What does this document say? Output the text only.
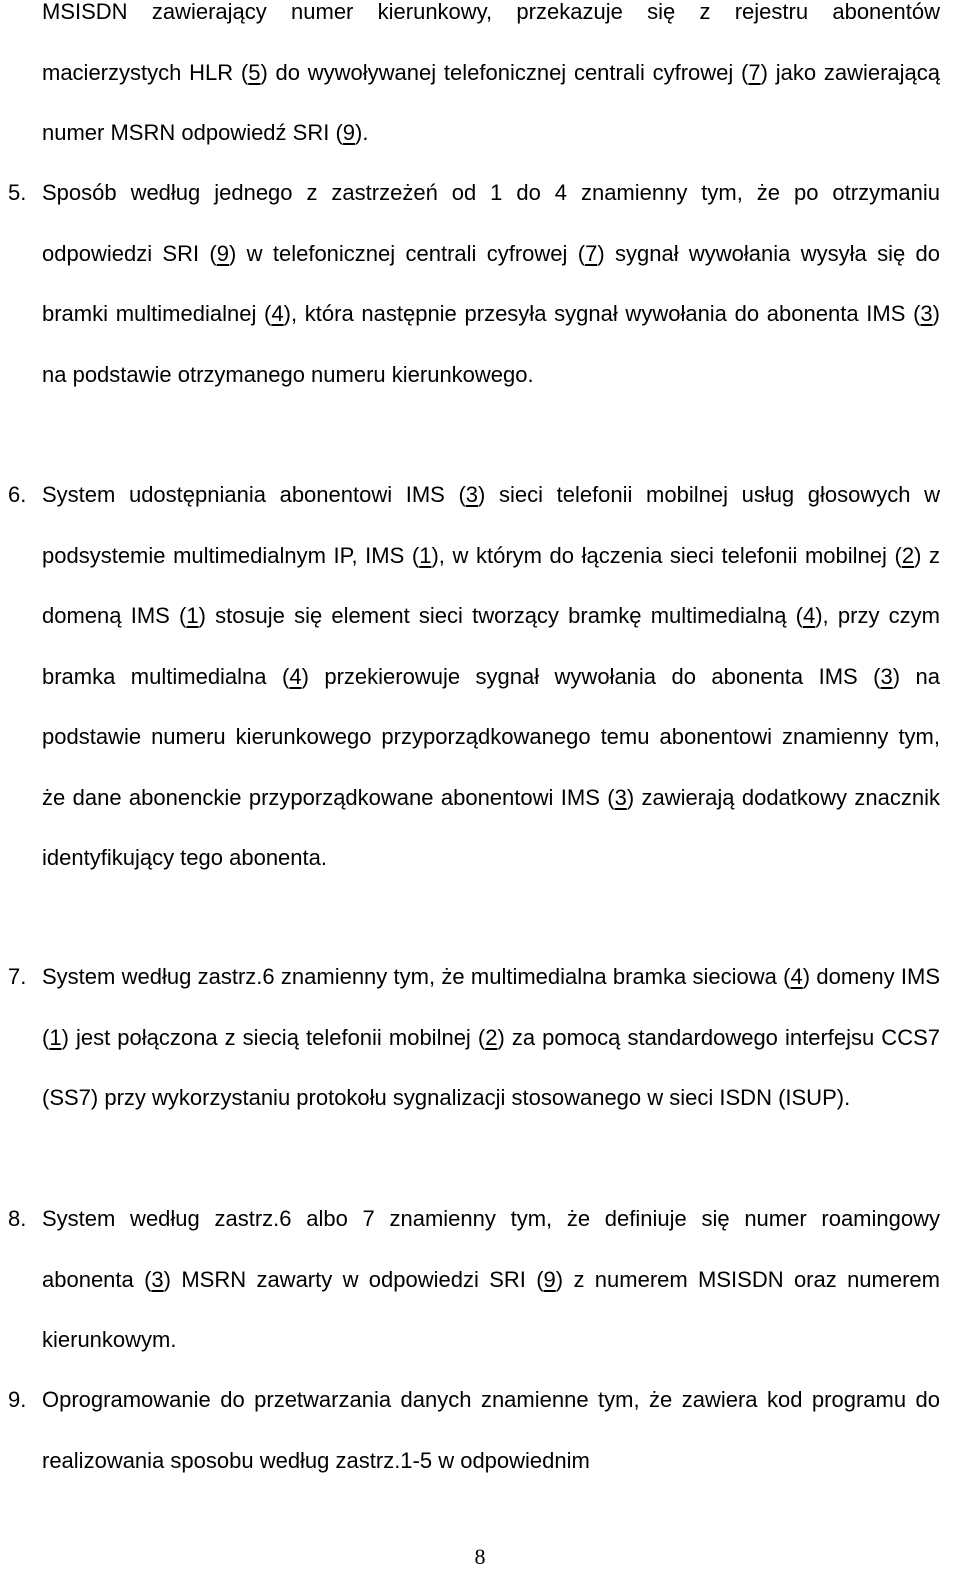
MSISDN zawierający numer kierunkowy, przekazuje się z rejestru abonentów macierzystych HLR (5) do wywoływanej telefonicznej centrali cyfrowej (7) jako zawierającą numer MSRN odpowiedź SRI (9).
5. Sposób według jednego z zastrzeżeń od 1 do 4 znamienny tym, że po otrzymaniu odpowiedzi SRI (9) w telefonicznej centrali cyfrowej (7) sygnał wywołania wysyła się do bramki multimedialnej (4), która następnie przesyła sygnał wywołania do abonenta IMS (3) na podstawie otrzymanego numeru kierunkowego.
6. System udostępniania abonentowi IMS (3) sieci telefonii mobilnej usług głosowych w podsystemie multimedialnym IP, IMS (1), w którym do łączenia sieci telefonii mobilnej (2) z domeną IMS (1) stosuje się element sieci tworzący bramkę multimedialną (4), przy czym bramka multimedialna (4) przekierowuje sygnał wywołania do abonenta IMS (3) na podstawie numeru kierunkowego przyporządkowanego temu abonentowi znamienny tym, że dane abonenckie przyporządkowane abonentowi IMS (3) zawierają dodatkowy znacznik identyfikujący tego abonenta.
7. System według zastrz.6 znamienny tym, że multimedialna bramka sieciowa (4) domeny IMS (1) jest połączona z siecią telefonii mobilnej (2) za pomocą standardowego interfejsu CCS7 (SS7) przy wykorzystaniu protokołu sygnalizacji stosowanego w sieci ISDN (ISUP).
8. System według zastrz.6 albo 7 znamienny tym, że definiuje się numer roamingowy abonenta (3) MSRN zawarty w odpowiedzi SRI (9) z numerem MSISDN oraz numerem kierunkowym.
9. Oprogramowanie do przetwarzania danych znamienne tym, że zawiera kod programu do realizowania sposobu według zastrz.1-5 w odpowiednim
8
